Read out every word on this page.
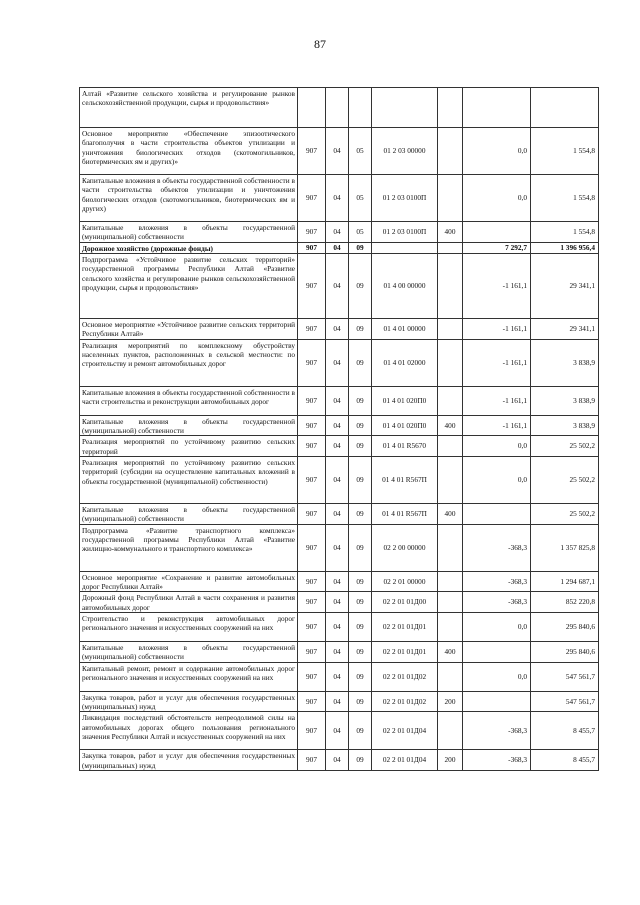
87
Алтай «Развитие сельского хозяйства и регулирование рынков сельскохозяйственной продукции, сырья и продовольствия»							
Основное мероприятие «Обеспечение эпизоотического благополучия в части строительства объектов утилизации и уничтожения биологических отходов (скотомогильников, биотермических ям и других)»	907	04	05	01 2 03 00000		0,0	1 554,8
Капитальные вложения в объекты государственной собственности в части строительства объектов утилизации и уничтожения биологических отходов (скотомогильников, биотермических ям и других)	907	04	05	01 2 03 0100П		0,0	1 554,8
Капитальные вложения в объекты государственной (муниципальной) собственности	907	04	05	01 2 03 0100П	400		1 554,8
Дорожное хозяйство (дорожные фонды)	907	04	09			7 292,7	1 396 956,4
Подпрограмма «Устойчивое развитие сельских территорий» государственной программы Республики Алтай «Развитие сельского хозяйства и регулирование рынков сельскохозяйственной продукции, сырья и продовольствия»	907	04	09	01 4 00 00000		-1 161,1	29 341,1
Основное мероприятие «Устойчивое развитие сельских территорий Республики Алтай»	907	04	09	01 4 01 00000		-1 161,1	29 341,1
Реализация мероприятий по комплексному обустройству населенных пунктов, расположенных в сельской местности: по строительству и ремонт автомобильных дорог	907	04	09	01 4 01 02000		-1 161,1	3 838,9
Капитальные вложения в объекты государственной собственности в части строительства и реконструкции автомобильных дорог	907	04	09	01 4 01 020П0		-1 161,1	3 838,9
Капитальные вложения в объекты государственной (муниципальной) собственности	907	04	09	01 4 01 020П0	400	-1 161,1	3 838,9
Реализация мероприятий по устойчивому развитию сельских территорий	907	04	09	01 4 01 R5670		0,0	25 502,2
Реализация мероприятий по устойчивому развитию сельских территорий (субсидии на осуществление капитальных вложений в объекты государственной (муниципальной) собственности)	907	04	09	01 4 01 R567П		0,0	25 502,2
Капитальные вложения в объекты государственной (муниципальной) собственности	907	04	09	01 4 01 R567П	400		25 502,2
Подпрограмма «Развитие транспортного комплекса» государственной программы Республики Алтай «Развитие жилищно-коммунального и транспортного комплекса»	907	04	09	02 2 00 00000		-368,3	1 357 825,8
Основное мероприятие «Сохранение и развитие автомобильных дорог Республики Алтай»	907	04	09	02 2 01 00000		-368,3	1 294 687,1
Дорожный фонд Республики Алтай в части сохранения и развития автомобильных дорог	907	04	09	02 2 01 01Д00		-368,3	852 220,8
Строительство и реконструкция автомобильных дорог регионального значения и искусственных сооружений на них	907	04	09	02 2 01 01Д01		0,0	295 840,6
Капитальные вложения в объекты государственной (муниципальной) собственности	907	04	09	02 2 01 01Д01	400		295 840,6
Капитальный ремонт, ремонт и содержание автомобильных дорог регионального значения и искусственных сооружений на них	907	04	09	02 2 01 01Д02		0,0	547 561,7
Закупка товаров, работ и услуг для обеспечения государственных (муниципальных) нужд	907	04	09	02 2 01 01Д02	200		547 561,7
Ликвидация последствий обстоятельств непреодолимой силы на автомобильных дорогах общего пользования регионального значения Республики Алтай и искусственных сооружений на них	907	04	09	02 2 01 01Д04		-368,3	8 455,7
Закупка товаров, работ и услуг для обеспечения государственных (муниципальных) нужд	907	04	09	02 2 01 01Д04	200	-368,3	8 455,7
